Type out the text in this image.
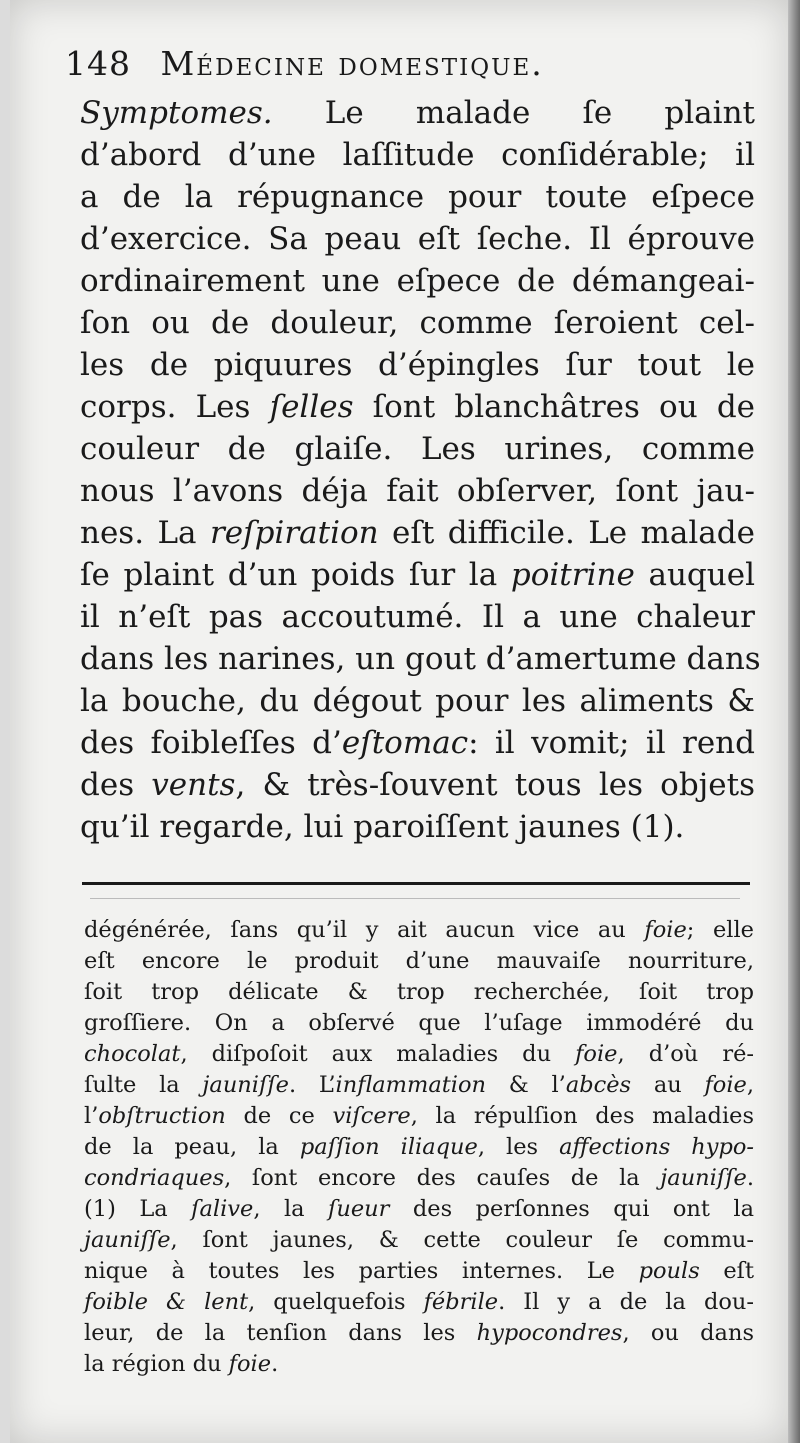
148 Médecine domestique.
Symptomes. Le malade ſe plaint
d’abord d’une laſſitude conſidérable; il
a de la répugnance pour toute eſpece
d’exercice. Sa peau eſt ſeche. Il éprouve
ordinairement une eſpece de démangeai-
ſon ou de douleur, comme ſeroient cel-
les de piquures d’épingles ſur tout le
corps. Les ſelles ſont blanchâtres ou de
couleur de glaiſe. Les urines, comme
nous l’avons déja fait obſerver, ſont jau-
nes. La reſpiration eſt difficile. Le malade
ſe plaint d’un poids ſur la poitrine auquel
il n’eſt pas accoutumé. Il a une chaleur
dans les narines, un gout d’amertume dans
la bouche, du dégout pour les aliments &
des foibleſſes d’eſtomac: il vomit; il rend
des vents, & très-ſouvent tous les objets
qu’il regarde, lui paroiſſent jaunes (1).
dégénérée, ſans qu’il y ait aucun vice au foie; elle
eſt encore le produit d’une mauvaiſe nourriture,
ſoit trop délicate & trop recherchée, ſoit trop
groſſiere. On a obſervé que l’uſage immodéré du
chocolat, diſpoſoit aux maladies du foie, d’où ré-
ſulte la jauniſſe. L’inflammation & l’abcès au foie,
l’obſtruction de ce viſcere, la répulſion des maladies
de la peau, la paſſion iliaque, les affections hypo-
condriaques, ſont encore des cauſes de la jauniſſe.
(1) La ſalive, la ſueur des perſonnes qui ont la
jauniſſe, ſont jaunes, & cette couleur ſe commu-
nique à toutes les parties internes. Le pouls eſt
foible & lent, quelquefois fébrile. Il y a de la dou-
leur, de la tenſion dans les hypocondres, ou dans
la région du foie.
